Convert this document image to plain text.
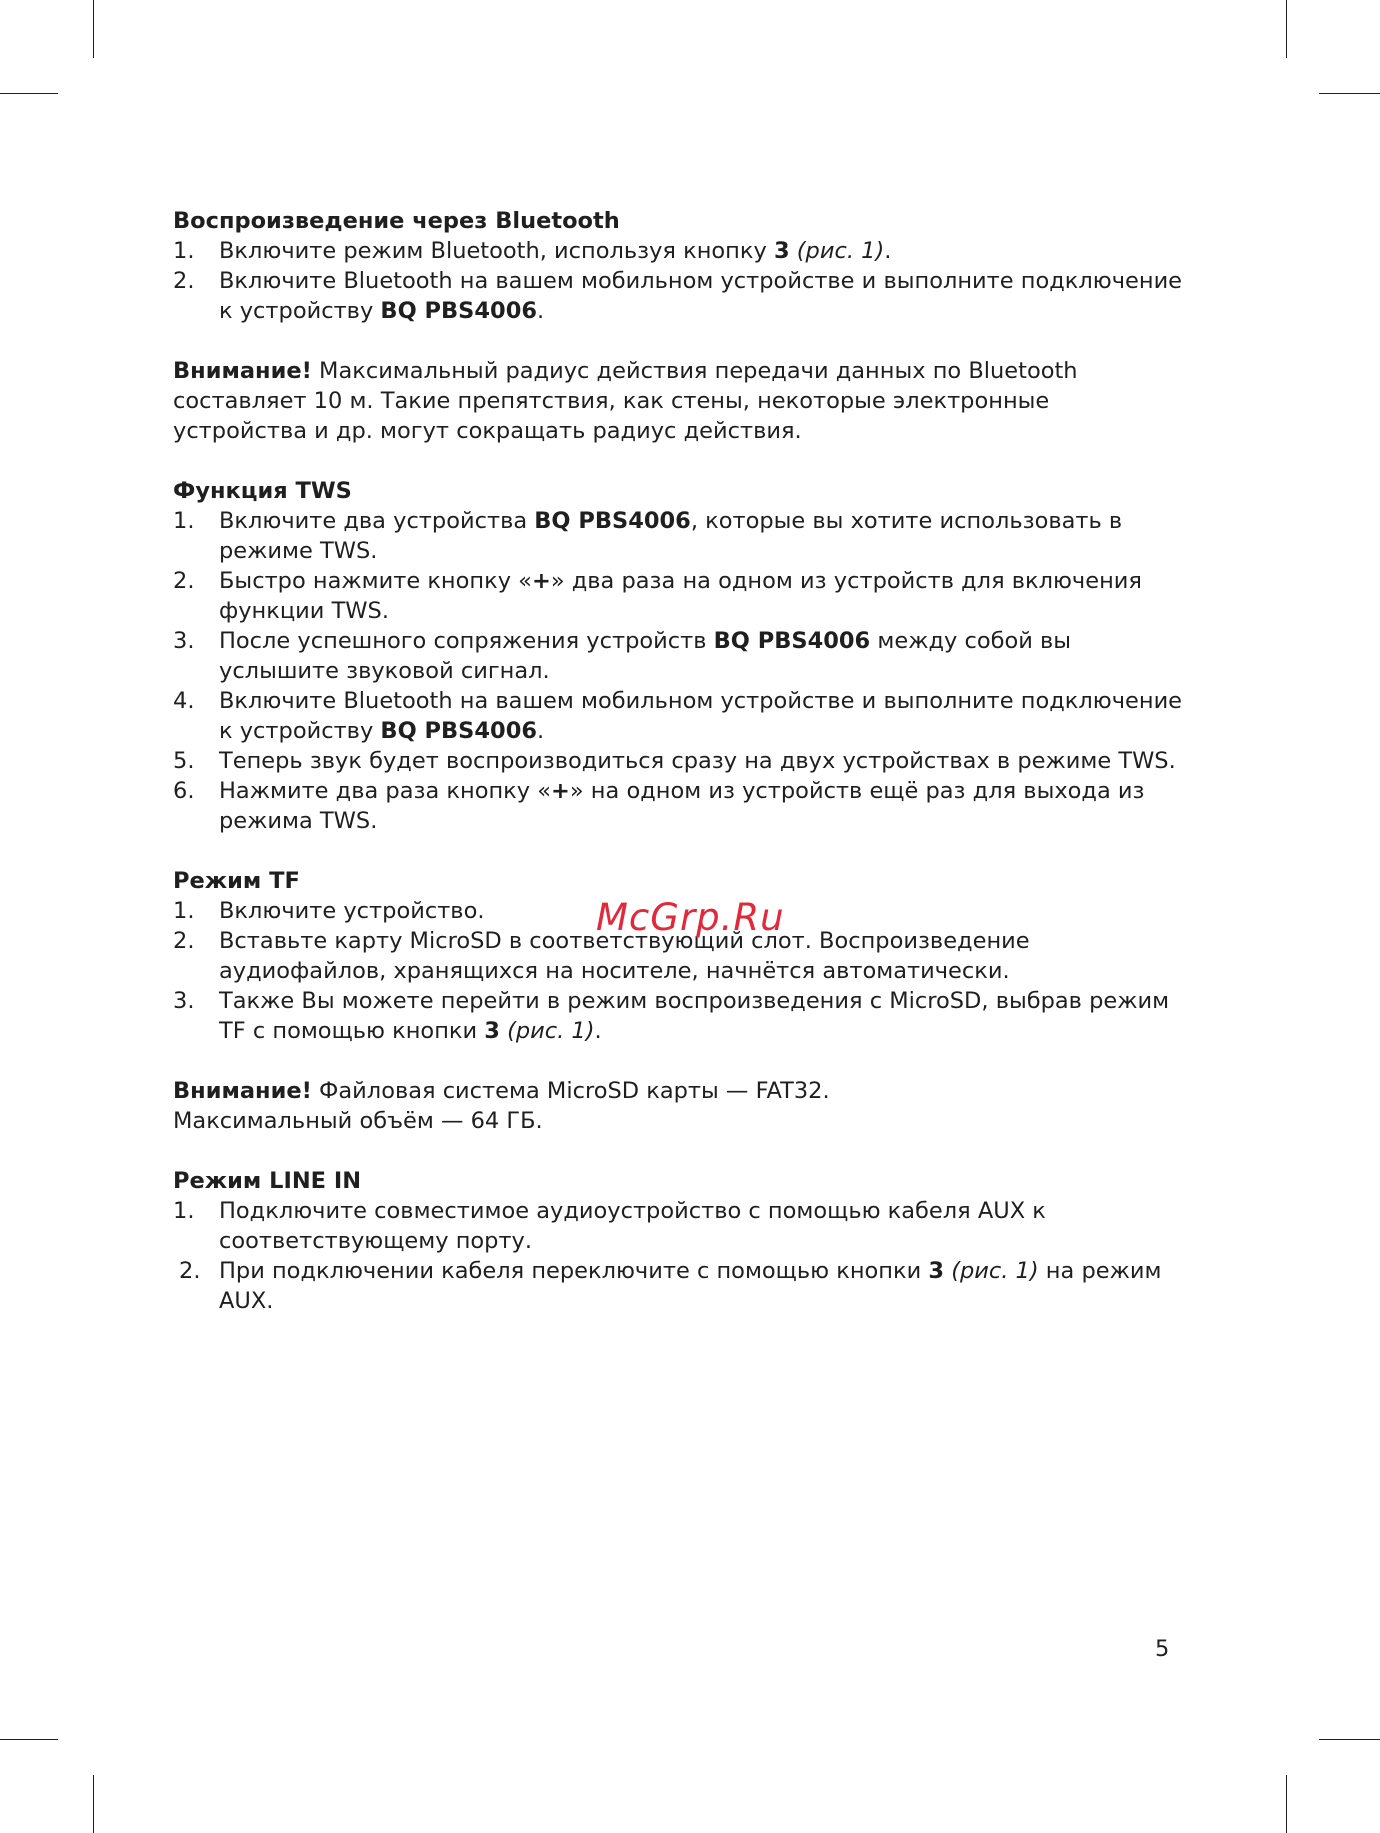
Воспроизведение через Bluetooth
1. Включите режим Bluetooth, используя кнопку 3 (рис. 1).
2. Включите Bluetooth на вашем мобильном устройстве и выполните подключение к устройству BQ PBS4006.

Внимание! Максимальный радиус действия передачи данных по Bluetooth составляет 10 м. Такие препятствия, как стены, некоторые электронные устройства и др. могут сокращать радиус действия.

Функция TWS
1. Включите два устройства BQ PBS4006, которые вы хотите использовать в режиме TWS.
2. Быстро нажмите кнопку «+» два раза на одном из устройств для включения функции TWS.
3. После успешного сопряжения устройств BQ PBS4006 между собой вы услышите звуковой сигнал.
4. Включите Bluetooth на вашем мобильном устройстве и выполните подключение к устройству BQ PBS4006.
5. Теперь звук будет воспроизводиться сразу на двух устройствах в режиме TWS.
6. Нажмите два раза кнопку «+» на одном из устройств ещё раз для выхода из режима TWS.
Режим TF
1. Включите устройство.
2. Вставьте карту MicroSD в соответствующий слот. Воспроизведение аудиофайлов, хранящихся на носителе, начнётся автоматически.
3. Также Вы можете перейти в режим воспроизведения с MicroSD, выбрав режим TF с помощью кнопки 3 (рис. 1).

Внимание! Файловая система MicroSD карты — FAT32.

Максимальный объём — 64 ГБ.

Режим LINE IN
1. Подключите совместимое аудиоустройство с помощью кабеля AUX к соответствующему порту.
2. При подключении кабеля переключите с помощью кнопки 3 (рис. 1) на режим AUX.
McGrp.Ru
5
